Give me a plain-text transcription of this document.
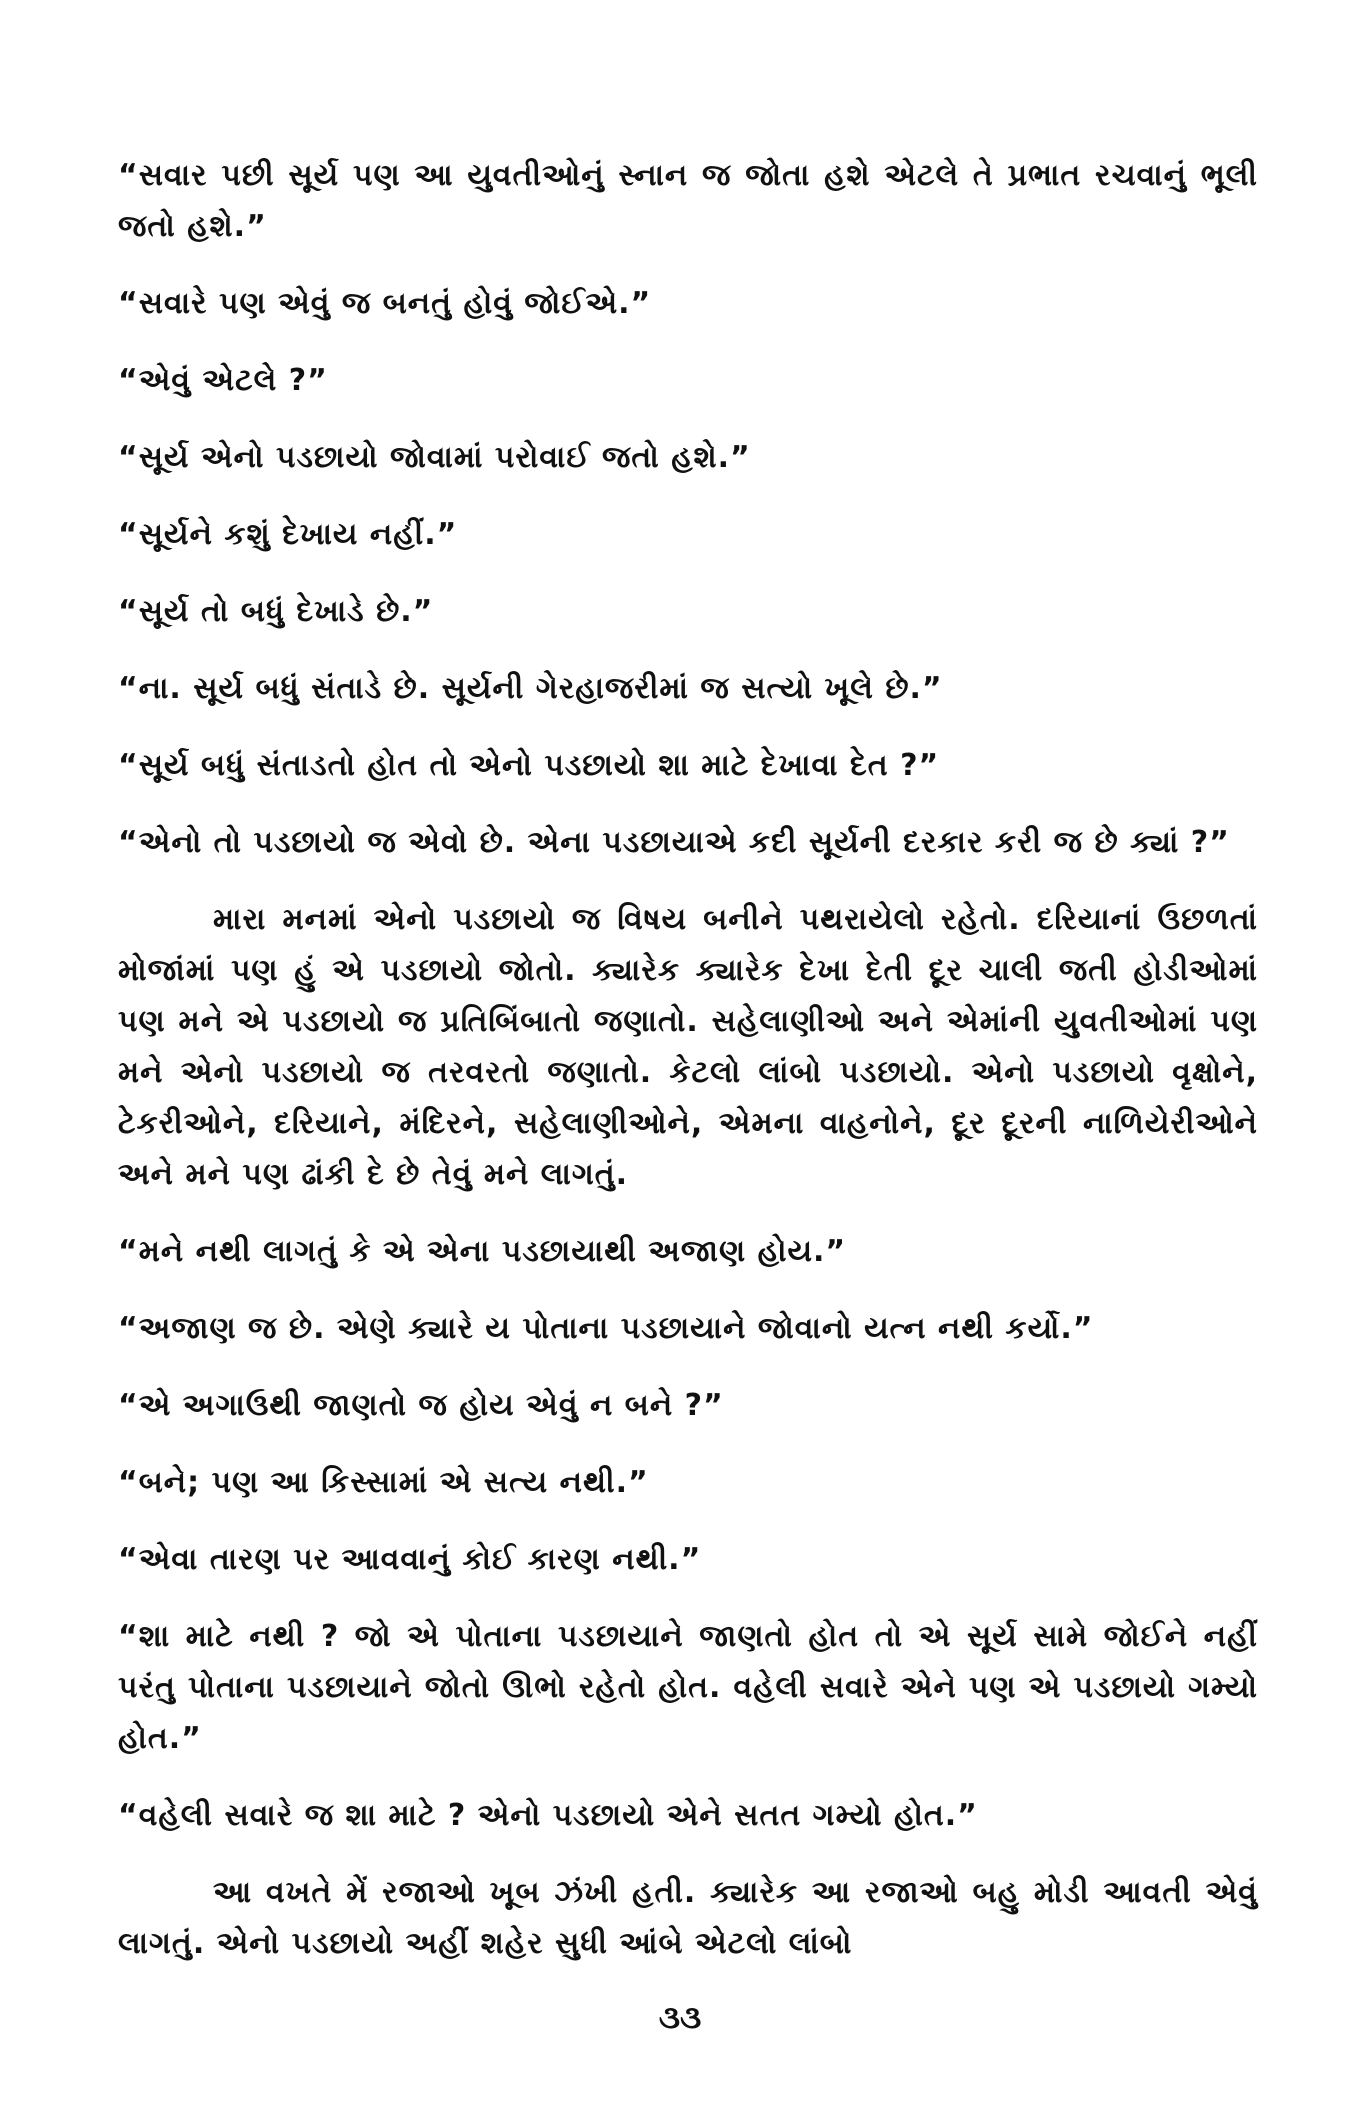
“સવાર પછી સૂર્ય પણ આ યુવતીઓનું સ્નાન જ જોતા હશે એટલે તે પ્રભાત રચવાનું ભૂલી જતો હશે.”

“સવારે પણ એવું જ બનતું હોવું જોઈએ.”

“એવું એટલે ?”

“સૂર્ય એનો પડછાયો જોવામાં પરોવાઈ જતો હશે.”

“સૂર્યને કશું દેખાય નહીં.”

“સૂર્ય તો બધું દેખાડે છે.”

“ના. સૂર્ય બધું સંતાડે છે. સૂર્યની ગેરહાજરીમાં જ સત્યો ખૂલે છે.”

“સૂર્ય બધું સંતાડતો હોત તો એનો પડછાયો શા માટે દેખાવા દેત ?”

“એનો તો પડછાયો જ એવો છે. એના પડછાયાએ કદી સૂર્યની દરકાર કરી જ છે ક્યાં ?”

મારા મનમાં એનો પડછાયો જ વિષય બનીને પથરાયેલો રહેતો. દરિયાનાં ઉછળતાં મોજાંમાં પણ હું એ પડછાયો જોતો. ક્યારેક ક્યારેક દેખા દેતી દૂર ચાલી જતી હોડીઓમાં પણ મને એ પડછાયો જ પ્રતિબિંબાતો જણાતો. સહેલાણીઓ અને એમાંની યુવતીઓમાં પણ મને એનો પડછાયો જ તરવરતો જણાતો. કેટલો લાંબો પડછાયો. એનો પડછાયો વૃક્ષોને, ટેકરીઓને, દરિયાને, મંદિરને, સહેલાણીઓને, એમના વાહનોને, દૂર દૂરની નાળિયેરીઓને અને મને પણ ઢાંકી દે છે તેવું મને લાગતું.

“મને નથી લાગતું કે એ એના પડછાયાથી અજાણ હોય.”

“અજાણ જ છે. એણે ક્યારે ય પોતાના પડછાયાને જોવાનો યત્ન નથી કર્યો.”

“એ અગાઉથી જાણતો જ હોય એવું ન બને ?”

“બને; પણ આ કિસ્સામાં એ સત્ય નથી.”

“એવા તારણ પર આવવાનું કોઈ કારણ નથી.”

“શા માટે નથી ? જો એ પોતાના પડછાયાને જાણતો હોત તો એ સૂર્ય સામે જોઈને નહીં પરંતુ પોતાના પડછાયાને જોતો ઊભો રહેતો હોત. વહેલી સવારે એને પણ એ પડછાયો ગમ્યો હોત.”

“વહેલી સવારે જ શા માટે ? એનો પડછાયો એને સતત ગમ્યો હોત.”

આ વખતે મેં રજાઓ ખૂબ ઝંખી હતી. ક્યારેક આ રજાઓ બહુ મોડી આવતી એવું લાગતું. એનો પડછાયો અહીં શહેર સુધી આંબે એટલો લાંબો

૩૩
